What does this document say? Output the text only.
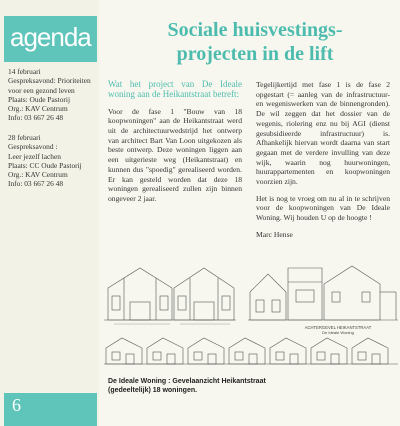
agenda
14 februari
Gespreksavond: Prioriteiten
voor een gezond leven
Plaats: Oude Pastorij
Org.: KAV Centrum
Info: 03 667 26 48
28 februari
Gespreksavond :
Leer jezelf lachen
Plaats: CC Oude Pastorij
Org.: KAV Centrum
Info: 03 667 26 48
6
Sociale huisvestings-
projecten in de lift

Wat het project van De Ideale woning aan de Heikantstraat betreft:

Voor de fase 1 "Bouw van 18 koopwoningen" aan de Heikantstraat werd uit de architectuurwedstrijd het ontwerp van architect Bart Van Loon uitgekozen als beste ontwerp. Deze woningen liggen aan een uitgerieste weg (Heikantstraat) en kunnen dus "spoedig" gerealiseerd worden. Er kan gesteld worden dat deze 18 woningen gerealiseerd zullen zijn binnen ongeveer 2 jaar.

Tegelijkertijd met fase 1 is de fase 2 opgestart (= aanleg van de infrastructuur- en wegeniswerken van de binnengronden). De wil zeggen dat het dossier van de wegenis, riolering enz nu bij AGI (dienst gesubsidieerde infrastructuur) is. Afhankelijk hiervan wordt daarna van start gegaan met de verdere invulling van deze wijk, waarin nog huurwoningen, huurappartementen en koopwoningen voorzien zijn.

Het is nog te vroeg om nu al in te schrijven voor de koopwoningen van De Ideale Woning. Wij houden U op de hoogte !

Marc Hense

ACHTERGEVEL HEIKANTSTRAAT
De Ideale Woning
De Ideale Woning : Gevelaanzicht Heikantstraat
(gedeeltelijk) 18 woningen.
